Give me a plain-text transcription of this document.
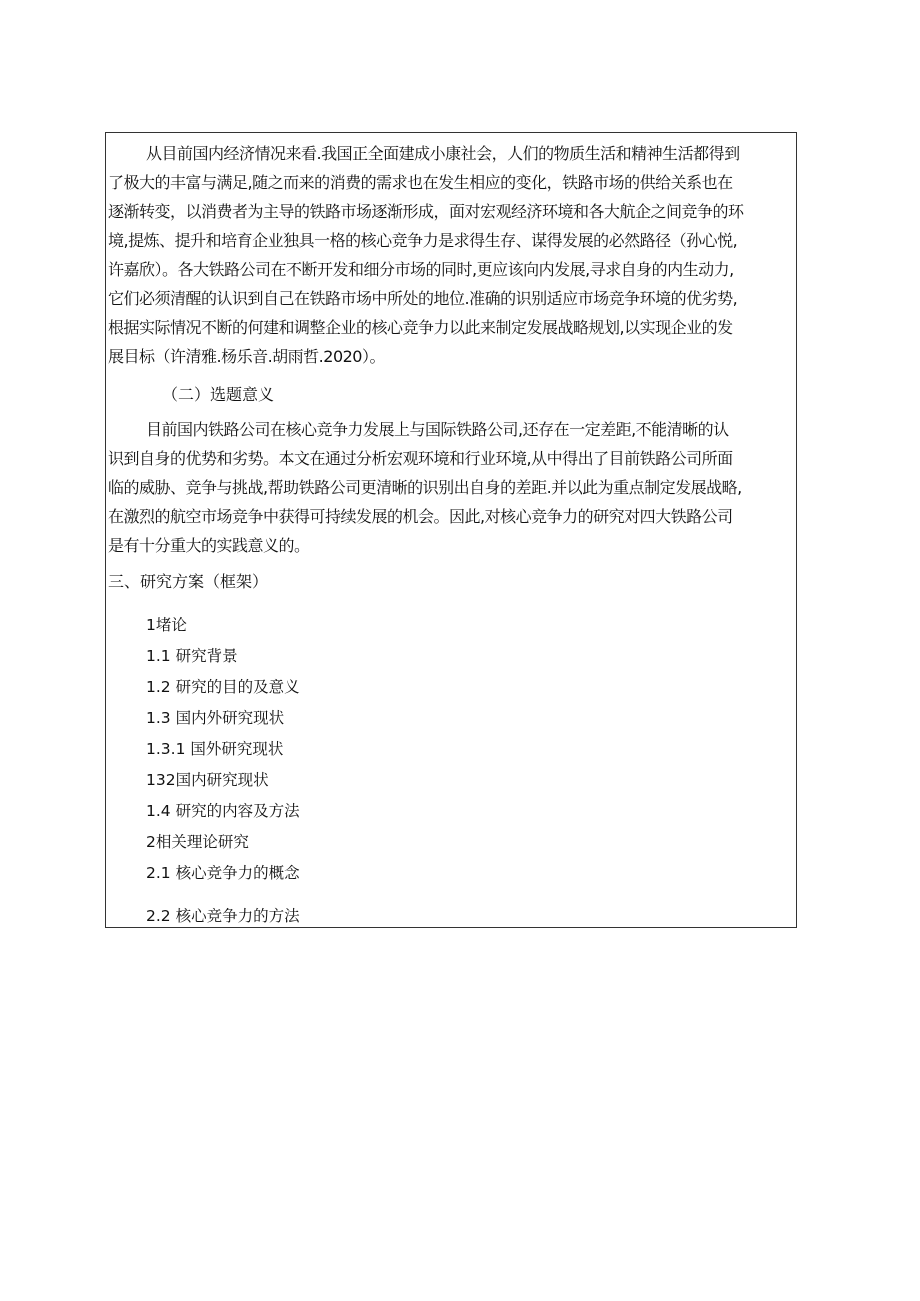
从目前国内经济情况来看.我国正全面建成小康社会，人们的物质生活和精神生活都得到
了极大的丰富与满足,随之而来的消费的需求也在发生相应的变化，铁路市场的供给关系也在
逐渐转变，以消费者为主导的铁路市场逐渐形成，面对宏观经济环境和各大航企之间竞争的环
境,提炼、提升和培育企业独具一格的核心竞争力是求得生存、谋得发展的必然路径（孙心悦,
许嘉欣）。各大铁路公司在不断开发和细分市场的同时,更应该向内发展,寻求自身的内生动力,
它们必须清醒的认识到自己在铁路市场中所处的地位.准确的识别适应市场竞争环境的优劣势,
根据实际情况不断的何建和调整企业的核心竞争力以此来制定发展战略规划,以实现企业的发
展目标（许清雅.杨乐音.胡雨哲.2020）。
（二）选题意义
目前国内铁路公司在核心竞争力发展上与国际铁路公司,还存在一定差距,不能清晰的认
识到自身的优势和劣势。本文在通过分析宏观环境和行业环境,从中得出了目前铁路公司所面
临的威胁、竞争与挑战,帮助铁路公司更清晰的识别出自身的差距.并以此为重点制定发展战略,
在激烈的航空市场竞争中获得可持续发展的机会。因此,对核心竞争力的研究对四大铁路公司
是有十分重大的实践意义的。
三、研究方案（框架）
1堵论
1.1 研究背景
1.2 研究的目的及意义
1.3 国内外研究现状
1.3.1 国外研究现状
132国内研究现状
1.4 研究的内容及方法
2相关理论研究
2.1 核心竞争力的概念
2.2 核心竞争力的方法
